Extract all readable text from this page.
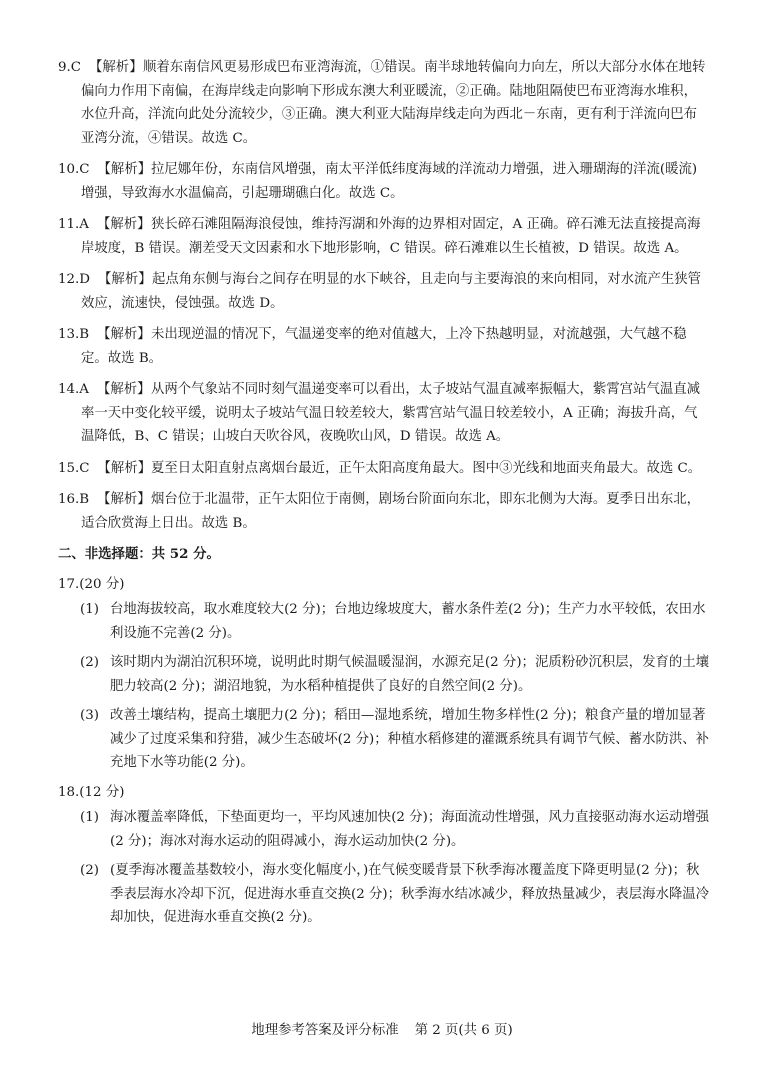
9.C 【解析】 顺着东南信风更易形成巴布亚湾海流，①错误。南半球地转偏向力向左，所以大部分水体在地转偏向力作用下南偏，在海岸线走向影响下形成东澳大利亚暖流，②正确。陆地阻隔使巴布亚湾海水堆积，水位升高，洋流向此处分流较少，③正确。澳大利亚大陆海岸线走向为西北－东南，更有利于洋流向巴布亚湾分流，④错误。故选 C。
10.C 【解析】 拉尼娜年份，东南信风增强，南太平洋低纬度海域的洋流动力增强，进入珊瑚海的洋流(暖流)增强，导致海水水温偏高，引起珊瑚礁白化。故选 C。
11.A 【解析】 狭长碎石滩阻隔海浪侵蚀，维持泻湖和外海的边界相对固定，A 正确。碎石滩无法直接提高海岸坡度，B 错误。潮差受天文因素和水下地形影响，C 错误。碎石滩难以生长植被，D 错误。故选 A。
12.D 【解析】 起点角东侧与海台之间存在明显的水下峡谷，且走向与主要海浪的来向相同，对水流产生狭管效应，流速快，侵蚀强。故选 D。
13.B 【解析】 未出现逆温的情况下，气温递变率的绝对值越大，上冷下热越明显，对流越强，大气越不稳定。故选 B。
14.A 【解析】 从两个气象站不同时刻气温递变率可以看出，太子坡站气温直减率振幅大，紫霄宫站气温直减率一天中变化较平缓，说明太子坡站气温日较差较大，紫霄宫站气温日较差较小，A 正确；海拔升高，气温降低，B、C 错误；山坡白天吹谷风，夜晚吹山风，D 错误。故选 A。
15.C 【解析】 夏至日太阳直射点离烟台最近，正午太阳高度角最大。图中③光线和地面夹角最大。故选 C。
16.B 【解析】 烟台位于北温带，正午太阳位于南侧，剧场台阶面向东北，即东北侧为大海。夏季日出东北，适合欣赏海上日出。故选 B。
二、非选择题：共 52 分。
17.(20 分)
(1) 台地海拔较高，取水难度较大(2 分)；台地边缘坡度大，蓄水条件差(2 分)；生产力水平较低，农田水利设施不完善(2 分)。
(2) 该时期内为湖泊沉积环境，说明此时期气候温暖湿润，水源充足(2 分)；泥质粉砂沉积层，发育的土壤肥力较高(2 分)；湖沼地貌，为水稻种植提供了良好的自然空间(2 分)。
(3) 改善土壤结构，提高土壤肥力(2 分)；稻田—湿地系统，增加生物多样性(2 分)；粮食产量的增加显著减少了过度采集和狩猎，减少生态破坏(2 分)；种植水稻修建的灌溉系统具有调节气候、蓄水防洪、补充地下水等功能(2 分)。
18.(12 分)
(1) 海冰覆盖率降低，下垫面更均一，平均风速加快(2 分)；海面流动性增强，风力直接驱动海水运动增强(2 分)；海冰对海水运动的阻碍减小，海水运动加快(2 分)。
(2) (夏季海冰覆盖基数较小，海水变化幅度小，)在气候变暖背景下秋季海冰覆盖度下降更明显(2 分)；秋季表层海水冷却下沉，促进海水垂直交换(2 分)；秋季海水结冰减少，释放热量减少，表层海水降温冷却加快，促进海水垂直交换(2 分)。
地理参考答案及评分标准 第 2 页(共 6 页)
